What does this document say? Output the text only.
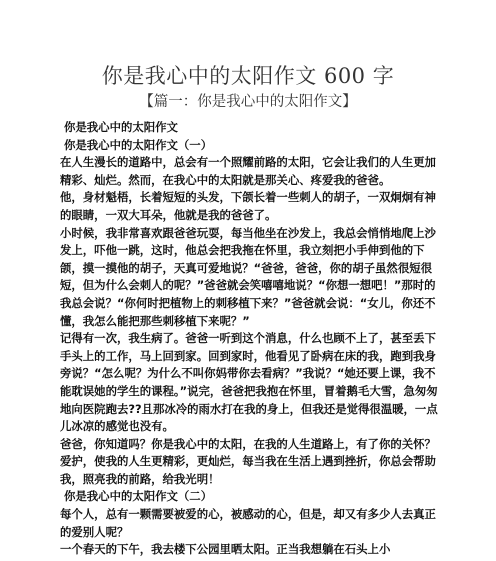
你是我心中的太阳作文 600 字
【篇一：你是我心中的太阳作文】

你是我心中的太阳作文

你是我心中的太阳作文（一）

在人生漫长的道路中，总会有一个照耀前路的太阳，它会让我们的人生更加精彩、灿烂。然而，在我心中的太阳就是那关心、疼爱我的爸爸。

他，身材魁梧，长着短短的头发，下颌长着一些刺人的胡子，一双炯炯有神的眼睛，一双大耳朵，他就是我的爸爸了。

小时候，我非常喜欢跟爸爸玩耍，每当他坐在沙发上，我总会悄悄地爬上沙发上，吓他一跳，这时，他总会把我拖在怀里，我立刻把小手伸到他的下颌，摸一摸他的胡子，天真可爱地说？“爸爸，爸爸，你的胡子虽然很短很短，但为什么会刺人的呢？”爸爸就会笑嘻嘻地说？“你想一想吧！”那时的我总会说？“你何时把植物上的刺移植下来？”爸爸就会说：“女儿，你还不懂，我怎么能把那些刺移植下来呢？”

记得有一次，我生病了。爸爸一听到这个消息，什么也顾不上了，甚至丢下手头上的工作，马上回到家。回到家时，他看见了卧病在床的我，跑到我身旁说？“怎么呢？为什么不叫你妈带你去看病？”我说？“她还要上课，我不能耽误她的学生的课程。”说完，爸爸把我抱在怀里，冒着鹅毛大雪，急匆匆地向医院跑去??且那冰冷的雨水打在我的身上，但我还是觉得很温暖，一点儿冰凉的感觉也没有。

爸爸，你知道吗？你是我心中的太阳，在我的人生道路上，有了你的关怀？爱护，使我的人生更精彩，更灿烂，每当我在生活上遇到挫折，你总会帮助我，照亮我的前路，给我光明！

你是我心中的太阳作文（二）

每个人，总有一颗需要被爱的心，被感动的心，但是，却又有多少人去真正的爱别人呢？

一个春天的下午，我去楼下公园里晒太阳。正当我想躺在石头上小
